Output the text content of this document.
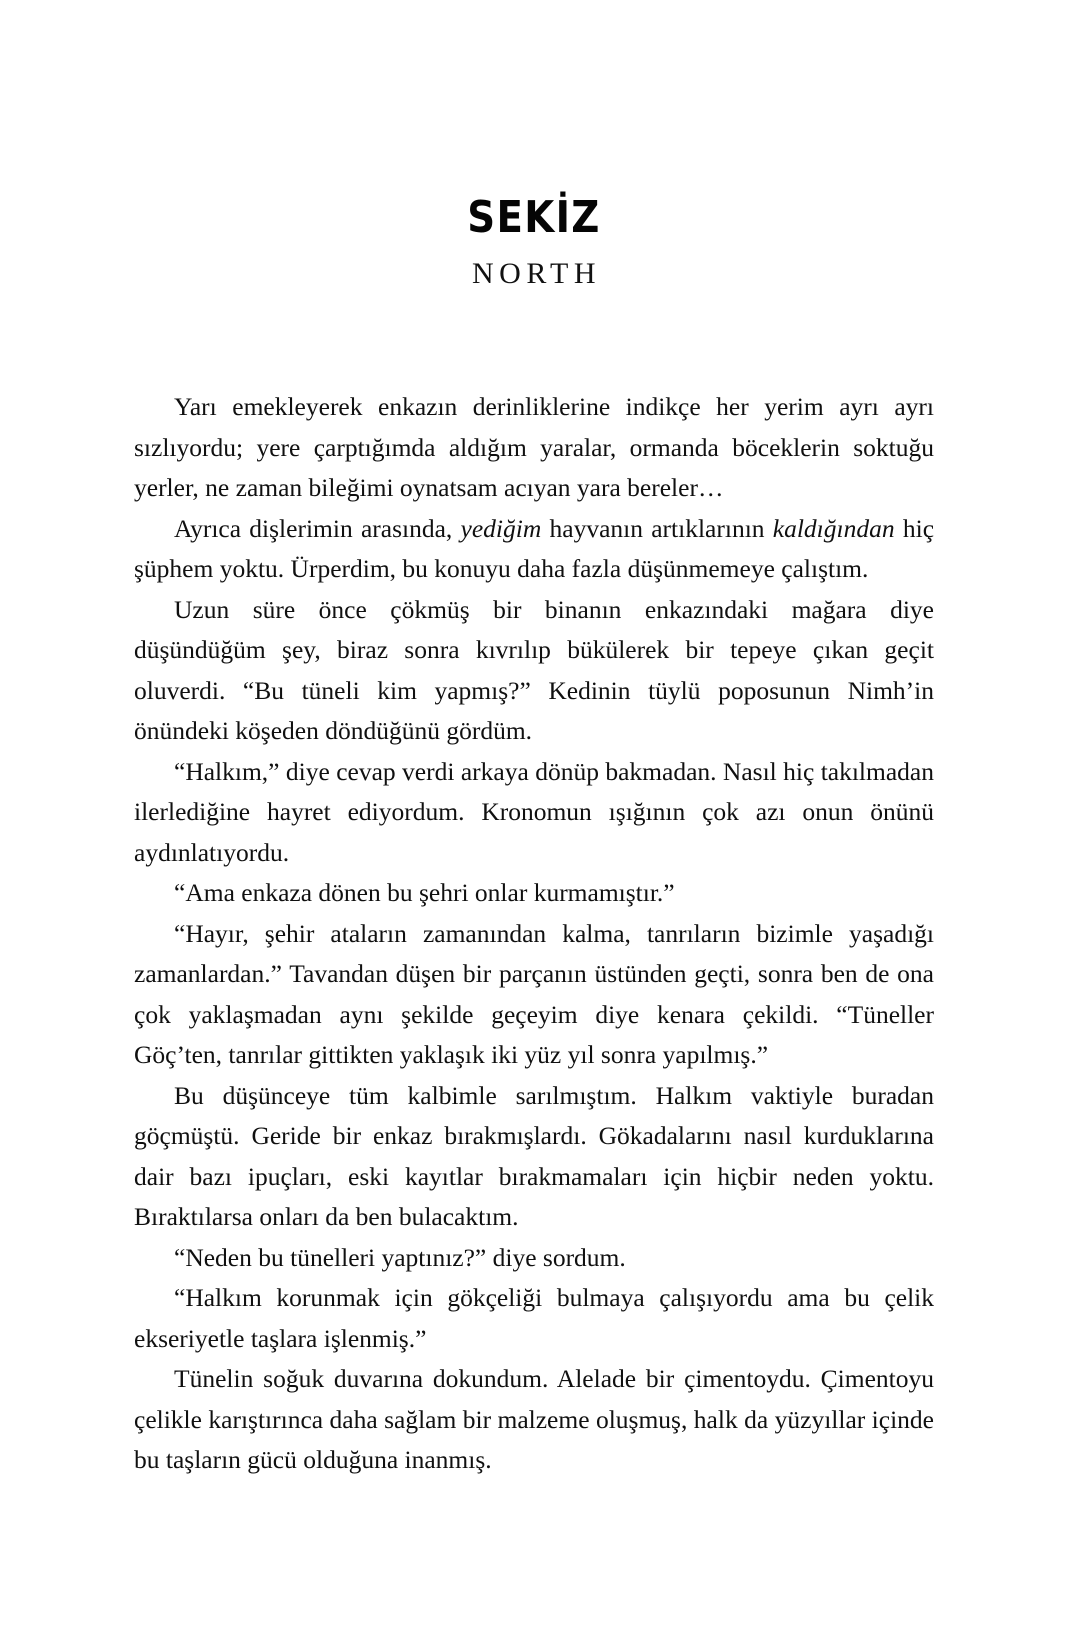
SEKİZ
NORTH

Yarı emekleyerek enkazın derinliklerine indikçe her yerim ayrı ayrı sızlıyordu; yere çarptığımda aldığım yaralar, ormanda böceklerin soktuğu yerler, ne zaman bileğimi oynatsam acıyan yara bereler…

Ayrıca dişlerimin arasında, yediğim hayvanın artıklarının kaldığından hiç şüphem yoktu. Ürperdim, bu konuyu daha fazla düşünmemeye çalıştım.

Uzun süre önce çökmüş bir binanın enkazındaki mağara diye düşündüğüm şey, biraz sonra kıvrılıp bükülerek bir tepeye çıkan geçit oluverdi. “Bu tüneli kim yapmış?” Kedinin tüylü poposunun Nimh’in önündeki köşeden döndüğünü gördüm.

“Halkım,” diye cevap verdi arkaya dönüp bakmadan. Nasıl hiç takılmadan ilerlediğine hayret ediyordum. Kronomun ışığının çok azı onun önünü aydınlatıyordu.

“Ama enkaza dönen bu şehri onlar kurmamıştır.”

“Hayır, şehir ataların zamanından kalma, tanrıların bizimle yaşadığı zamanlardan.” Tavandan düşen bir parçanın üstünden geçti, sonra ben de ona çok yaklaşmadan aynı şekilde geçeyim diye kenara çekildi. “Tüneller Göç’ten, tanrılar gittikten yaklaşık iki yüz yıl sonra yapılmış.”

Bu düşünceye tüm kalbimle sarılmıştım. Halkım vaktiyle buradan göçmüştü. Geride bir enkaz bırakmışlardı. Gökadalarını nasıl kurduklarına dair bazı ipuçları, eski kayıtlar bırakmamaları için hiçbir neden yoktu. Bıraktılarsa onları da ben bulacaktım.

“Neden bu tünelleri yaptınız?” diye sordum.

“Halkım korunmak için gökçeliği bulmaya çalışıyordu ama bu çelik ekseriyetle taşlara işlenmiş.”

Tünelin soğuk duvarına dokundum. Alelade bir çimentoydu. Çimentoyu çelikle karıştırınca daha sağlam bir malzeme oluşmuş, halk da yüzyıllar içinde bu taşların gücü olduğuna inanmış.
